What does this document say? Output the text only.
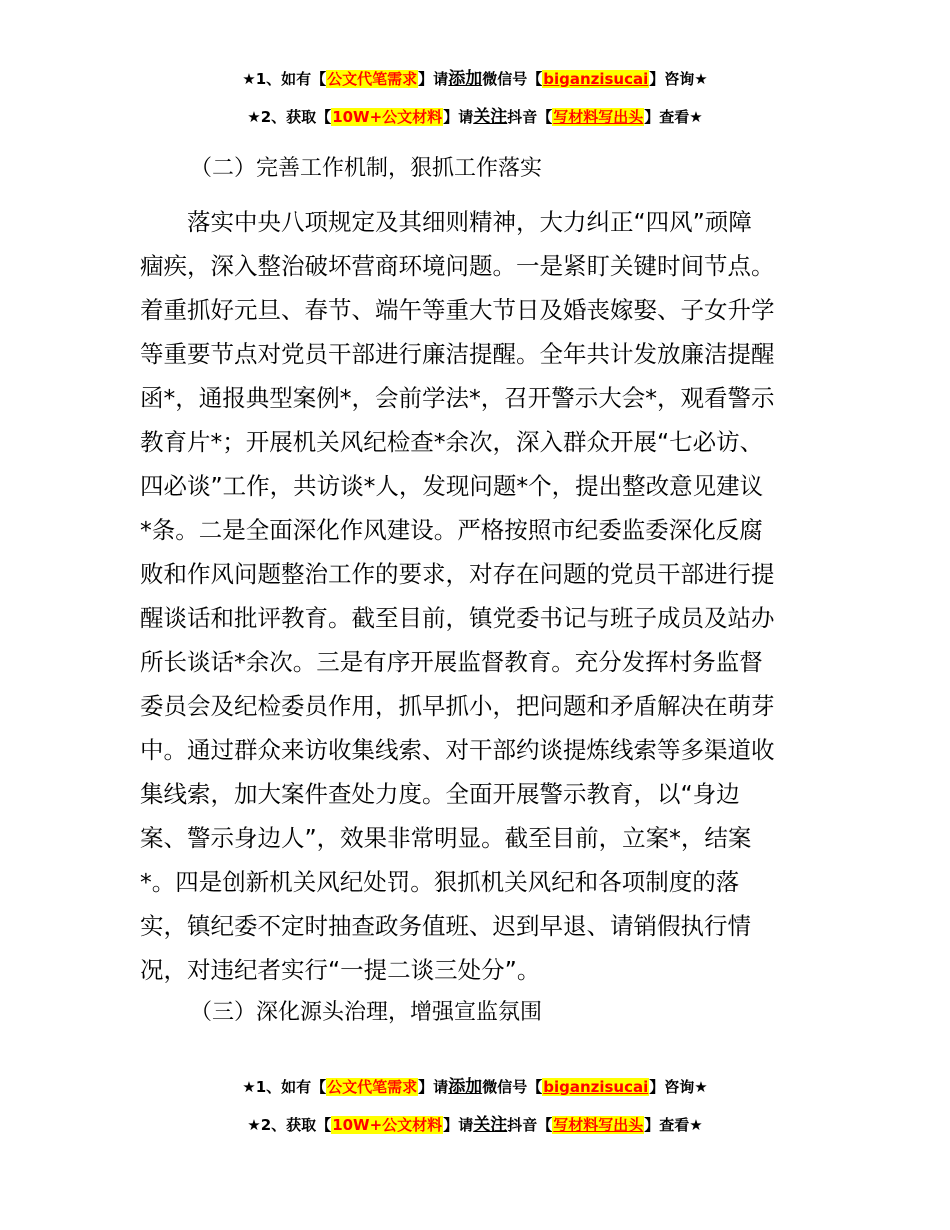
★1、如有【公文代笔需求】请添加微信号【biganzisucai】咨询★
★2、获取【10W+公文材料】请关注抖音【写材料写出头】查看★
（二）完善工作机制，狠抓工作落实
落实中央八项规定及其细则精神，大力纠正“四风”顽障
痼疾，深入整治破坏营商环境问题。一是紧盯关键时间节点。
着重抓好元旦、春节、端午等重大节日及婚丧嫁娶、子女升学
等重要节点对党员干部进行廉洁提醒。全年共计发放廉洁提醒
函*，通报典型案例*，会前学法*，召开警示大会*，观看警示
教育片*；开展机关风纪检查*余次，深入群众开展“七必访、
四必谈”工作，共访谈*人，发现问题*个，提出整改意见建议
*条。二是全面深化作风建设。严格按照市纪委监委深化反腐
败和作风问题整治工作的要求，对存在问题的党员干部进行提
醒谈话和批评教育。截至目前，镇党委书记与班子成员及站办
所长谈话*余次。三是有序开展监督教育。充分发挥村务监督
委员会及纪检委员作用，抓早抓小，把问题和矛盾解决在萌芽
中。通过群众来访收集线索、对干部约谈提炼线索等多渠道收
集线索，加大案件查处力度。全面开展警示教育，以“身边
案、警示身边人”，效果非常明显。截至目前，立案*，结案
*。四是创新机关风纪处罚。狠抓机关风纪和各项制度的落
实，镇纪委不定时抽查政务值班、迟到早退、请销假执行情
况，对违纪者实行“一提二谈三处分”。
（三）深化源头治理，增强宣监氛围
★1、如有【公文代笔需求】请添加微信号【biganzisucai】咨询★
★2、获取【10W+公文材料】请关注抖音【写材料写出头】查看★
